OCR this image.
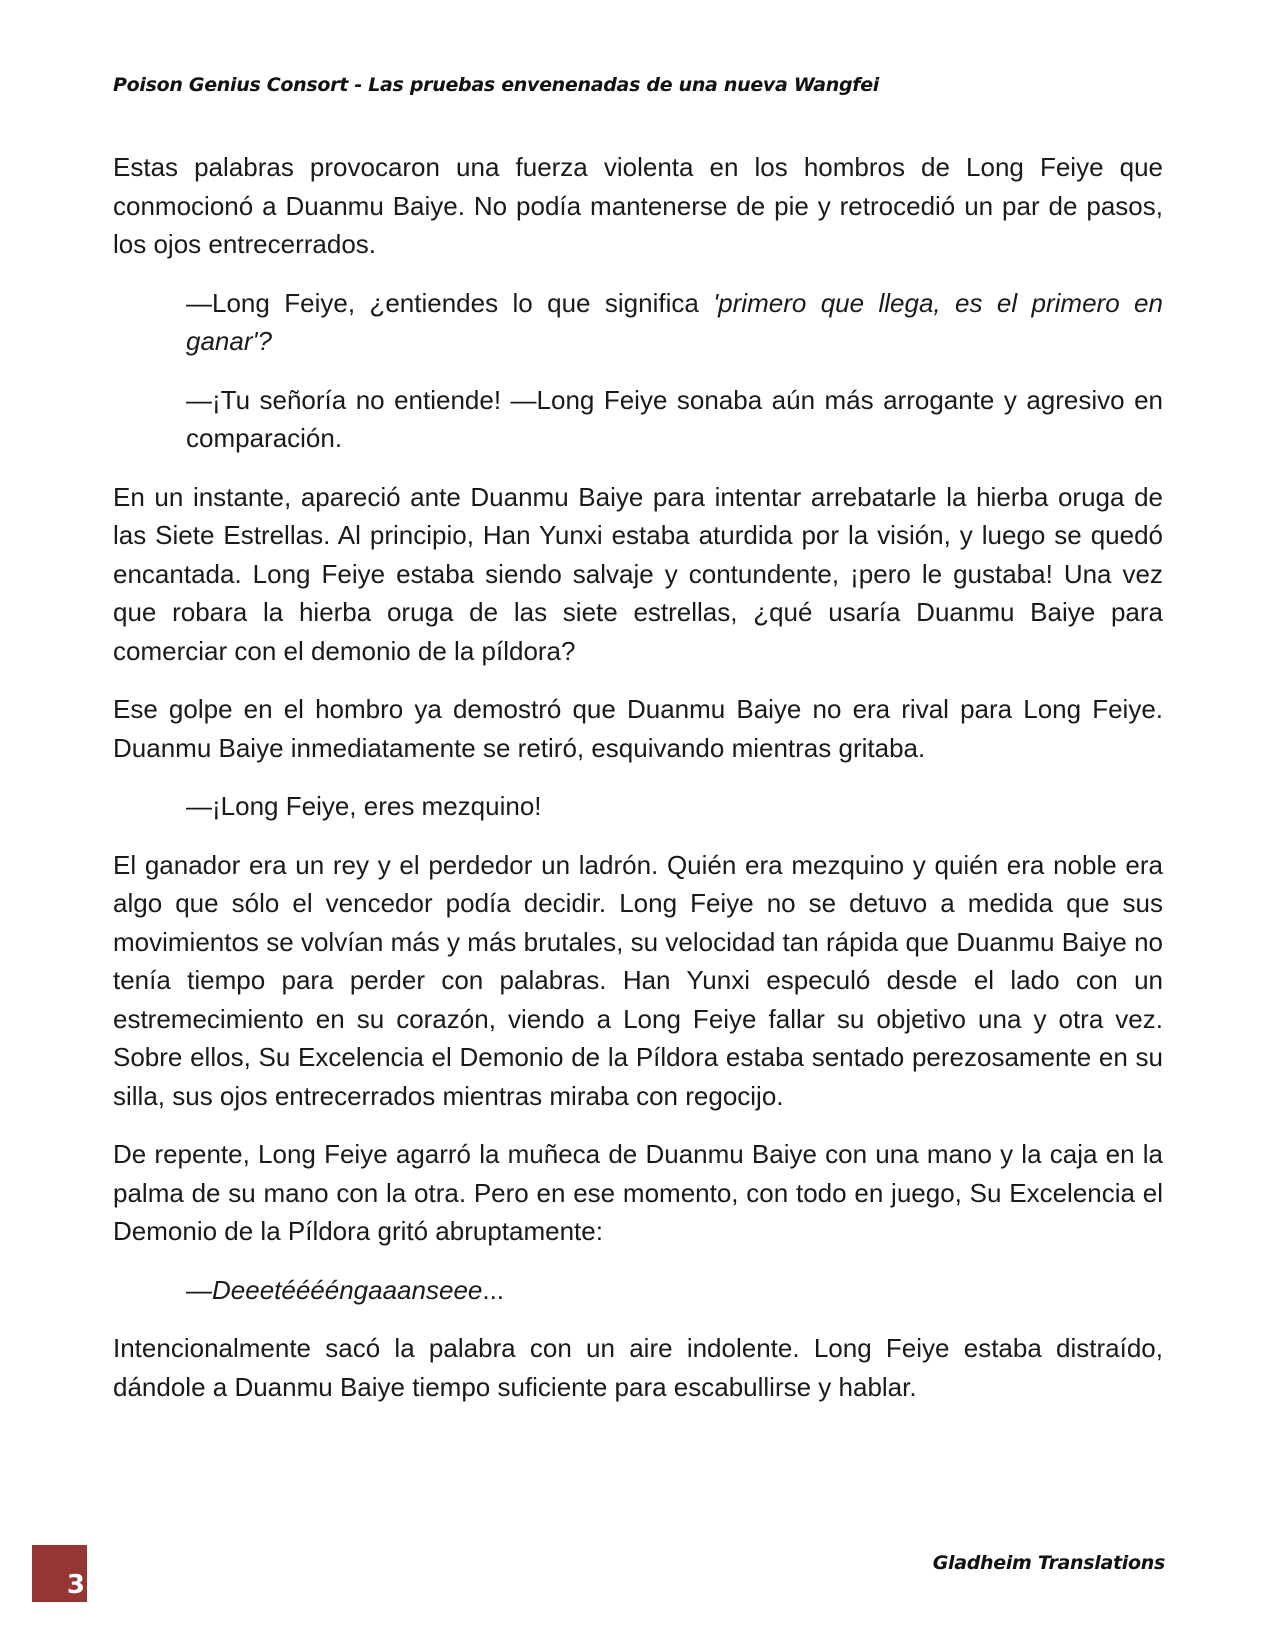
Poison Genius Consort - Las pruebas envenenadas de una nueva Wangfei

Estas palabras provocaron una fuerza violenta en los hombros de Long Feiye que conmocionó a Duanmu Baiye. No podía mantenerse de pie y retrocedió un par de pasos, los ojos entrecerrados.

—Long Feiye, ¿entiendes lo que significa 'primero que llega, es el primero en ganar'?

—¡Tu señoría no entiende! —Long Feiye sonaba aún más arrogante y agresivo en comparación.

En un instante, apareció ante Duanmu Baiye para intentar arrebatarle la hierba oruga de las Siete Estrellas. Al principio, Han Yunxi estaba aturdida por la visión, y luego se quedó encantada. Long Feiye estaba siendo salvaje y contundente, ¡pero le gustaba! Una vez que robara la hierba oruga de las siete estrellas, ¿qué usaría Duanmu Baiye para comerciar con el demonio de la píldora?

Ese golpe en el hombro ya demostró que Duanmu Baiye no era rival para Long Feiye. Duanmu Baiye inmediatamente se retiró, esquivando mientras gritaba.

—¡Long Feiye, eres mezquino!

El ganador era un rey y el perdedor un ladrón. Quién era mezquino y quién era noble era algo que sólo el vencedor podía decidir. Long Feiye no se detuvo a medida que sus movimientos se volvían más y más brutales, su velocidad tan rápida que Duanmu Baiye no tenía tiempo para perder con palabras. Han Yunxi especuló desde el lado con un estremecimiento en su corazón, viendo a Long Feiye fallar su objetivo una y otra vez. Sobre ellos, Su Excelencia el Demonio de la Píldora estaba sentado perezosamente en su silla, sus ojos entrecerrados mientras miraba con regocijo.

De repente, Long Feiye agarró la muñeca de Duanmu Baiye con una mano y la caja en la palma de su mano con la otra. Pero en ese momento, con todo en juego, Su Excelencia el Demonio de la Píldora gritó abruptamente:

—Deeetééééngaaanseee...

Intencionalmente sacó la palabra con un aire indolente. Long Feiye estaba distraído, dándole a Duanmu Baiye tiempo suficiente para escabullirse y hablar.

3
Gladheim Translations
